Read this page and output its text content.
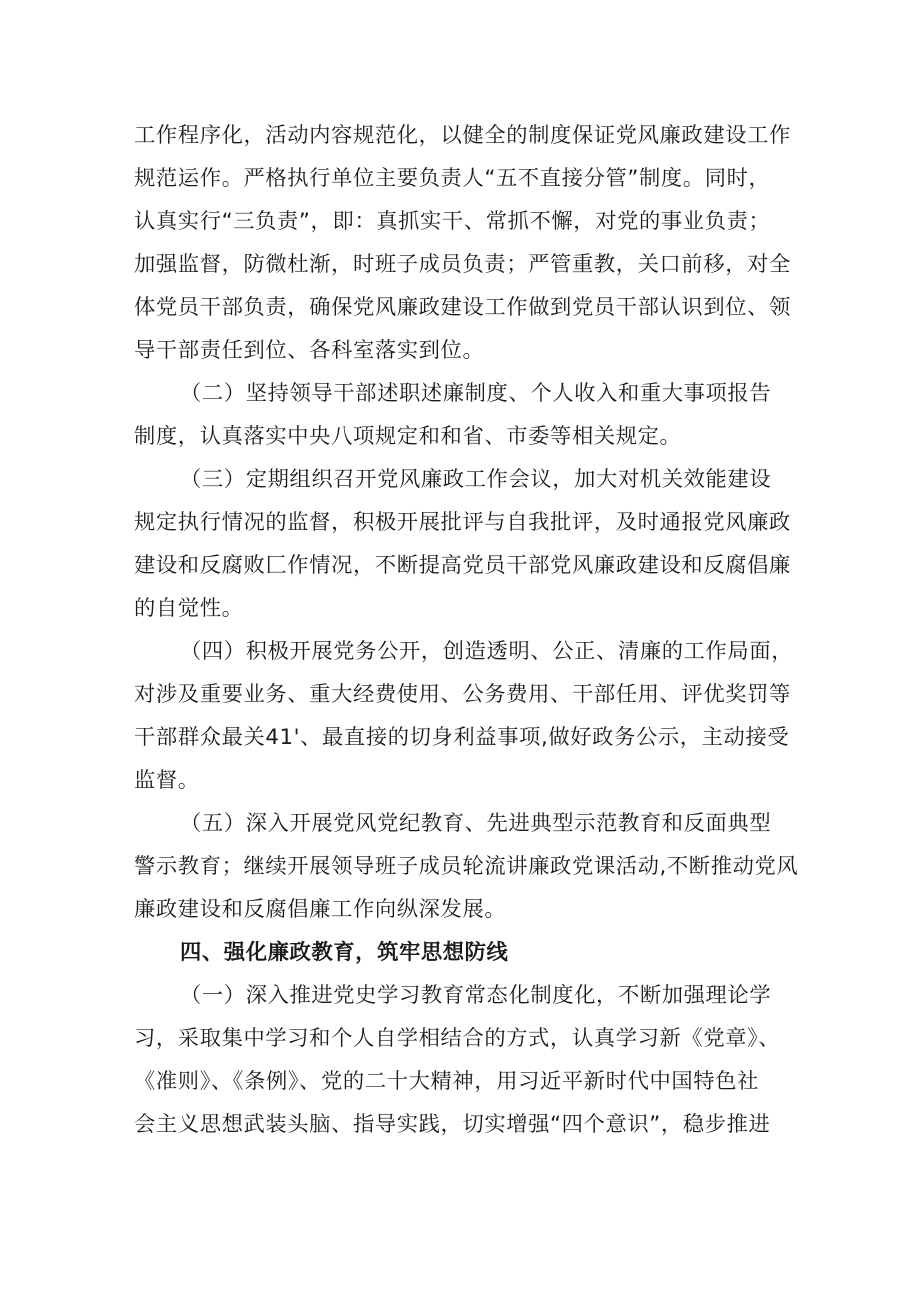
工作程序化，活动内容规范化，以健全的制度保证党风廉政建设工作
规范运作。严格执行单位主要负责人“五不直接分管”制度。同时，
认真实行“三负责”，即：真抓实干、常抓不懈，对党的事业负责；
加强监督，防微杜渐，时班子成员负责；严管重教，关口前移，对全
体党员干部负责，确保党风廉政建设工作做到党员干部认识到位、领
导干部责任到位、各科室落实到位。
（二）坚持领导干部述职述廉制度、个人收入和重大事项报告
制度，认真落实中央八项规定和和省、市委等相关规定。
（三）定期组织召开党风廉政工作会议，加大对机关效能建设
规定执行情况的监督，积极开展批评与自我批评，及时通报党风廉政
建设和反腐败匚作情况，不断提高党员干部党风廉政建设和反腐倡廉
的自觉性。
（四）积极开展党务公开，创造透明、公正、清廉的工作局面，
对涉及重要业务、重大经费使用、公务费用、干部任用、评优奖罚等
干部群众最关41'、最直接的切身利益事项,做好政务公示，主动接受
监督。
（五）深入开展党风党纪教育、先进典型示范教育和反面典型
警示教育；继续开展领导班子成员轮流讲廉政党课活动,不断推动党风
廉政建设和反腐倡廉工作向纵深发展。
四、强化廉政教育，筑牢思想防线
（一）深入推进党史学习教育常态化制度化，不断加强理论学
习，采取集中学习和个人自学相结合的方式，认真学习新《党章》、
《准则》、《条例》、党的二十大精神，用习近平新时代中国特色社
会主义思想武装头脑、指导实践，切实增强“四个意识”，稳步推进
